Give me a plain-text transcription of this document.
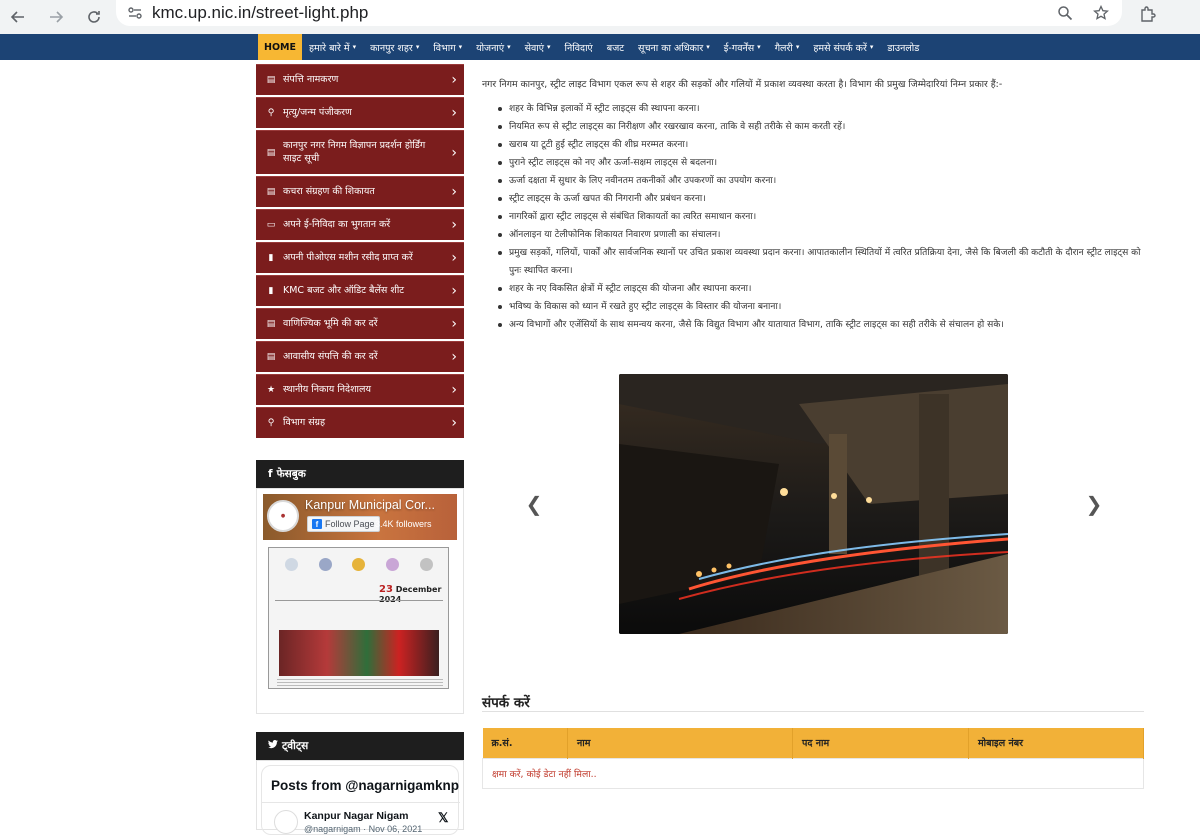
kmc.up.nic.in/street-light.php
HOME हमारे बारे में ▾ कानपुर शहर ▾ विभाग ▾ योजनाएं ▾ सेवाएं ▾ निविदाएं बजट सूचना का अधिकार ▾ ई-गवर्नेंस ▾ गैलरी ▾ हमसे संपर्क करें ▾ डाउनलोड
▤ संपत्ति नामकरण	›
⚲ मृत्यु/जन्म पंजीकरण	›
▤
कानपुर नगर निगम विज्ञापन प्रदर्शन होर्डिंग साइट सूची	›
▤ कचरा संग्रहण की शिकायत	›
▭ अपने ई-निविदा का भुगतान करें	›
▮	अपनी पीओएस मशीन रसीद प्राप्त करें	›
▮	KMC बजट और ऑडिट बैलेंस शीट	›
▤ वाणिज्यिक भूमि की कर दरें	›
▤ आवासीय संपत्ति की कर दरें	›
★ स्थानीय निकाय निदेशालय	›
⚲ विभाग संग्रह	›
f फेसबुक
●
Kanpur Municipal Cor...
f Follow Page 3.4K followers
23 December
ट्वीट्स
Posts from @nagarnigamknp
Kanpur Nagar Nigam
@nagarnigam · Nov 06, 2021
𝕏

नगर निगम कानपुर, स्ट्रीट लाइट विभाग एकल रूप से शहर की सड़कों और गलियों में प्रकाश व्यवस्था करता है। विभाग की प्रमुख जिम्मेदारियां निम्न प्रकार हैं:-

शहर के विभिन्न इलाकों में स्ट्रीट लाइट्स की स्थापना करना।
नियमित रूप से स्ट्रीट लाइट्स का निरीक्षण और रखरखाव करना, ताकि वे सही तरीके से काम करती रहें।
खराब या टूटी हुई स्ट्रीट लाइट्स की शीघ्र मरम्मत करना।
पुराने स्ट्रीट लाइट्स को नए और ऊर्जा-सक्षम लाइट्स से बदलना।
ऊर्जा दक्षता में सुधार के लिए नवीनतम तकनीकों और उपकरणों का उपयोग करना।
स्ट्रीट लाइट्स के ऊर्जा खपत की निगरानी और प्रबंधन करना।
नागरिकों द्वारा स्ट्रीट लाइट्स से संबंधित शिकायतों का त्वरित समाधान करना।
ऑनलाइन या टेलीफोनिक शिकायत निवारण प्रणाली का संचालन।
प्रमुख सड़कों, गलियों, पार्कों और सार्वजनिक स्थानों पर उचित प्रकाश व्यवस्था प्रदान करना। आपातकालीन स्थितियों में त्वरित प्रतिक्रिया देना, जैसे कि बिजली की कटौती के दौरान स्ट्रीट लाइट्स को पुनः स्थापित करना।
शहर के नए विकसित क्षेत्रों में स्ट्रीट लाइट्स की योजना और स्थापना करना।
भविष्य के विकास को ध्यान में रखते हुए स्ट्रीट लाइट्स के विस्तार की योजना बनाना।
अन्य विभागों और एजेंसियों के साथ समन्वय करना, जैसे कि विद्युत विभाग और यातायात विभाग, ताकि स्ट्रीट लाइट्स का सही तरीके से संचालन हो सके।
❮	❯
संपर्क करें
क्र.सं.	नाम	पद नाम	मोबाइल नंबर
क्षमा करें, कोई डेटा नहीं मिला..
